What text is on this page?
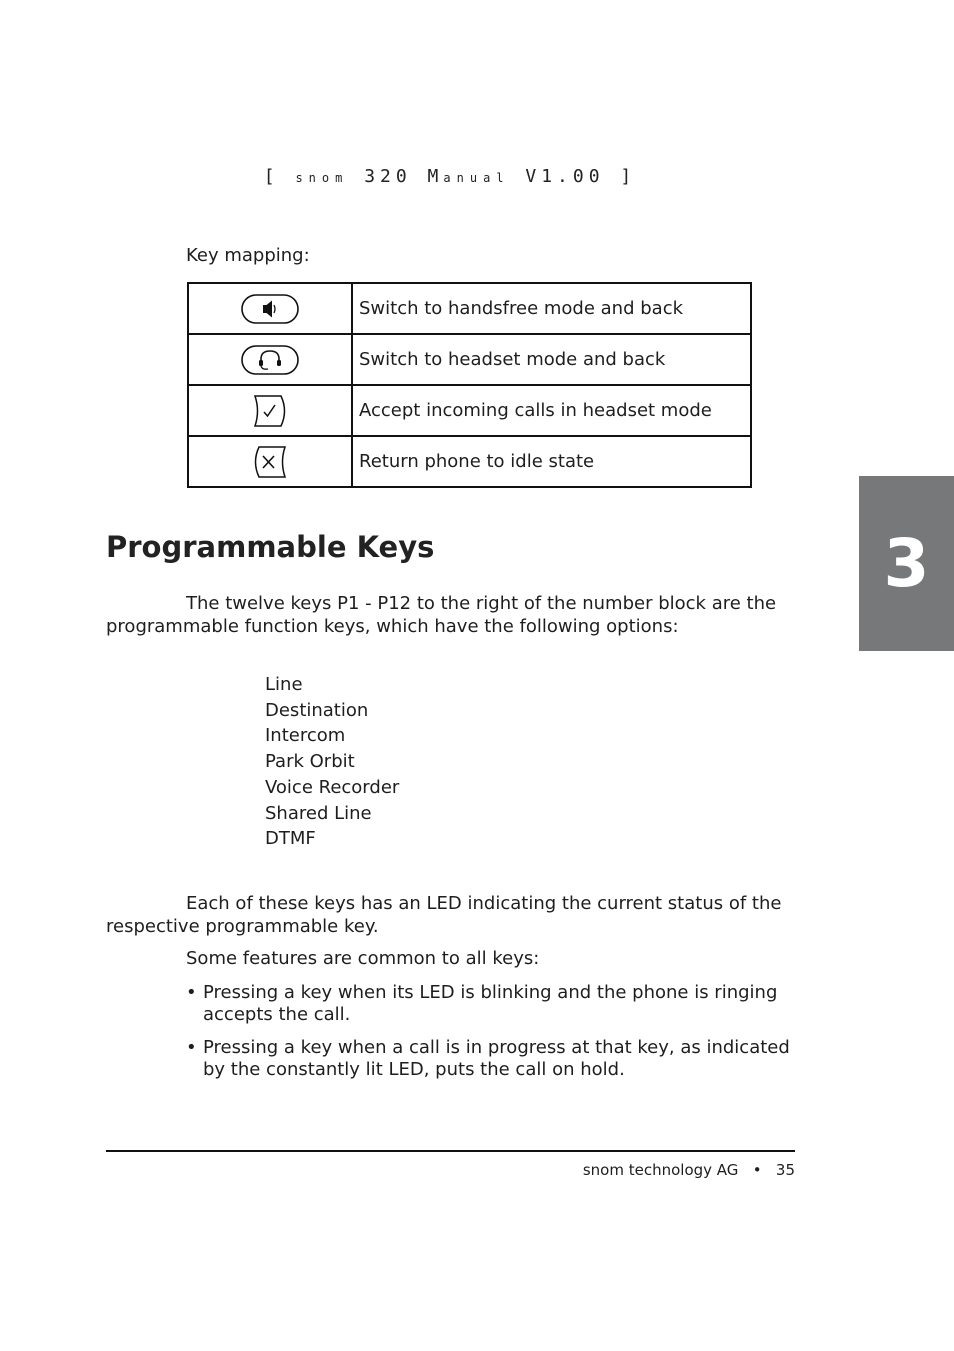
[ snom 320 Manual V1.00 ]
Key mapping:
	Switch to handsfree mode and back

	Switch to headset mode and back

	Accept incoming calls in headset mode

	Return phone to idle state
Programmable Keys
The twelve keys P1 - P12 to the right of the number block are the programmable function keys, which have the following options:
Line
Destination
Intercom
Park Orbit
Voice Recorder
Shared Line
DTMF
Each of these keys has an LED indicating the current status of the respective programmable key.
Some features are common to all keys:
• Pressing a key when its LED is blinking and the phone is ringing accepts the call.
• Pressing a key when a call is in progress at that key, as indicated by the constantly lit LED, puts the call on hold.
snom technology AG • 35
3
